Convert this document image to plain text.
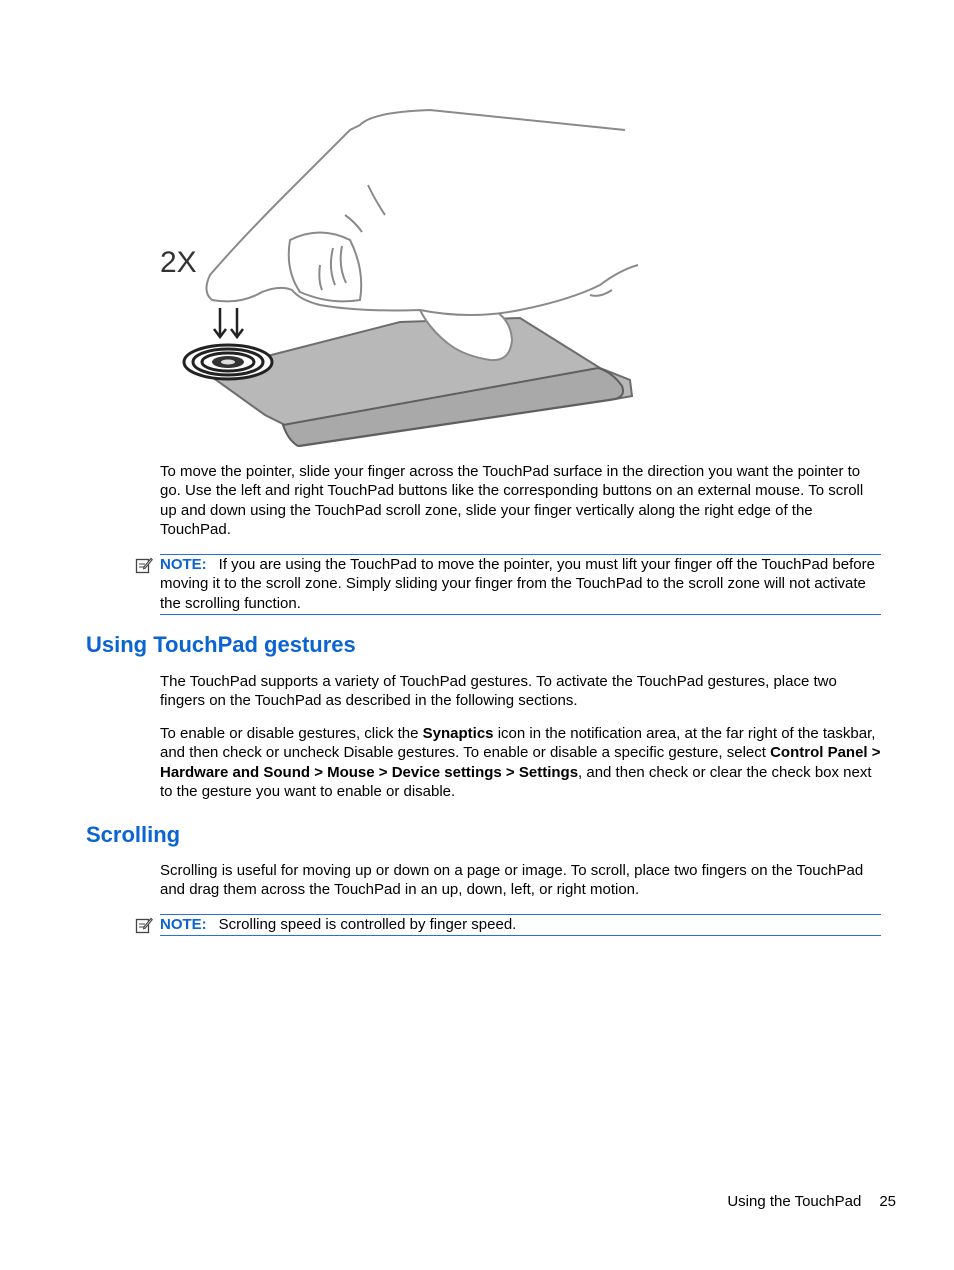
2X

To move the pointer, slide your finger across the TouchPad surface in the direction you want the pointer to go. Use the left and right TouchPad buttons like the corresponding buttons on an external mouse. To scroll up and down using the TouchPad scroll zone, slide your finger vertically along the right edge of the TouchPad.

NOTE: If you are using the TouchPad to move the pointer, you must lift your finger off the TouchPad before moving it to the scroll zone. Simply sliding your finger from the TouchPad to the scroll zone will not activate the scrolling function.
Using TouchPad gestures

The TouchPad supports a variety of TouchPad gestures. To activate the TouchPad gestures, place two fingers on the TouchPad as described in the following sections.

To enable or disable gestures, click the Synaptics icon in the notification area, at the far right of the taskbar, and then check or uncheck Disable gestures. To enable or disable a specific gesture, select Control Panel > Hardware and Sound > Mouse > Device settings > Settings, and then check or clear the check box next to the gesture you want to enable or disable.

Scrolling

Scrolling is useful for moving up or down on a page or image. To scroll, place two fingers on the TouchPad and drag them across the TouchPad in an up, down, left, or right motion.

NOTE: Scrolling speed is controlled by finger speed.
Using the TouchPad 25
